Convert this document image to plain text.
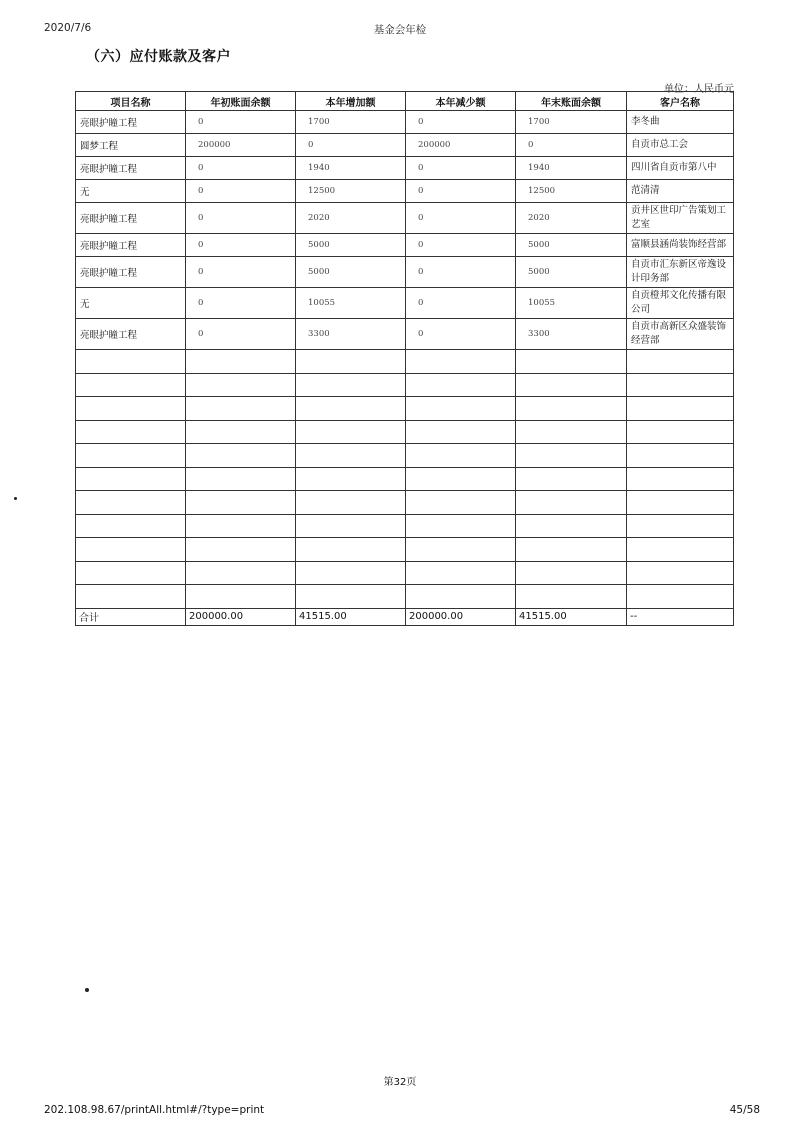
2020/7/6	基金会年检
（六）应付账款及客户
单位：人民币元
项目名称	年初账面余额	本年增加额	本年减少额	年末账面余额	客户名称
亮眼护瞳工程	0	1700	0	1700	李冬曲
圆梦工程	200000	0	200000	0	自贡市总工会
亮眼护瞳工程	0	1940	0	1940	四川省自贡市第八中
无	0	12500	0	12500	范清清
亮眼护瞳工程	0	2020	0	2020	贡井区世印广告策划工艺室
亮眼护瞳工程	0	5000	0	5000	富顺县涵尚装饰经营部
亮眼护瞳工程	0	5000	0	5000	自贡市汇东新区帝逸设计印务部
无	0	10055	0	10055	自贡橙邦文化传播有限公司
亮眼护瞳工程	0	3300	0	3300	自贡市高新区众盛装饰经营部

合计	200000.00	41515.00	200000.00	41515.00	--
第32页
202.108.98.67/printAll.html#/?type=print	45/58
